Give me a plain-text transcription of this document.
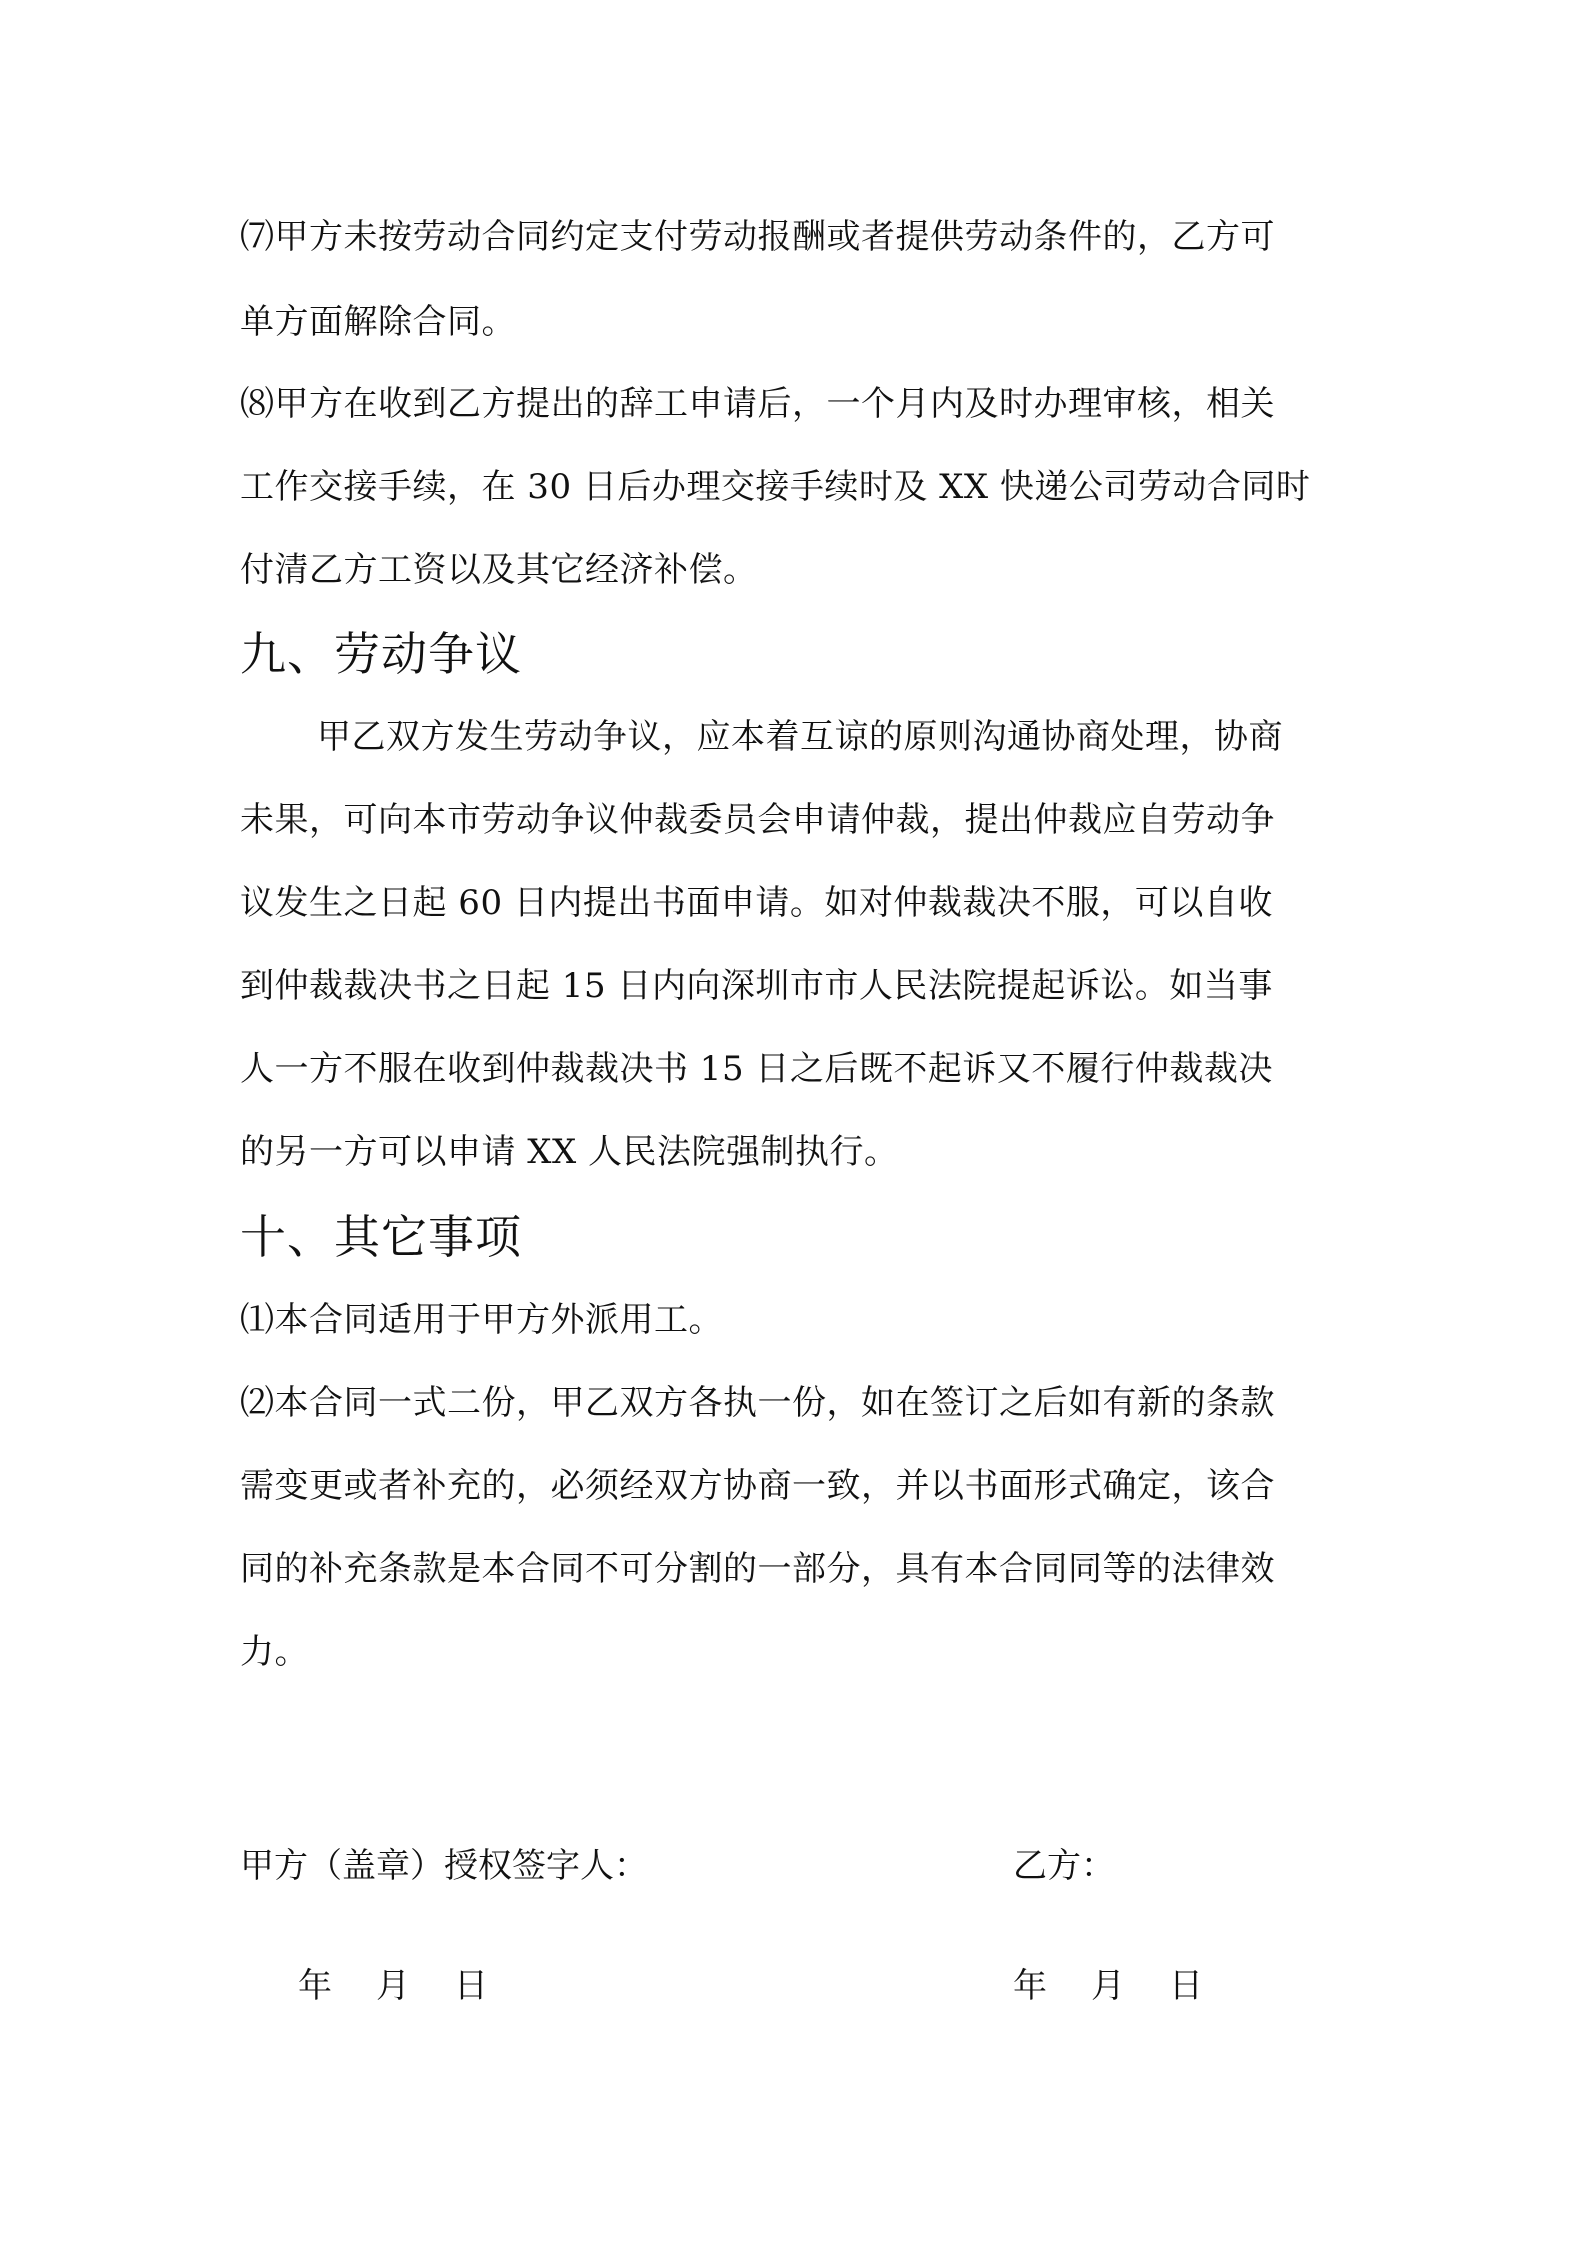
⑺甲方未按劳动合同约定支付劳动报酬或者提供劳动条件的，乙方可
单方面解除合同。
⑻甲方在收到乙方提出的辞工申请后，一个月内及时办理审核，相关
工作交接手续，在 30 日后办理交接手续时及 XX 快递公司劳动合同时
付清乙方工资以及其它经济补偿。
九、劳动争议
甲乙双方发生劳动争议，应本着互谅的原则沟通协商处理，协商
未果，可向本市劳动争议仲裁委员会申请仲裁，提出仲裁应自劳动争
议发生之日起 60 日内提出书面申请。如对仲裁裁决不服，可以自收
到仲裁裁决书之日起 15 日内向深圳市市人民法院提起诉讼。如当事
人一方不服在收到仲裁裁决书 15 日之后既不起诉又不履行仲裁裁决
的另一方可以申请 XX 人民法院强制执行。
十、其它事项
⑴本合同适用于甲方外派用工。
⑵本合同一式二份，甲乙双方各执一份，如在签订之后如有新的条款
需变更或者补充的，必须经双方协商一致，并以书面形式确定，该合
同的补充条款是本合同不可分割的一部分，具有本合同同等的法律效
力。
甲方（盖章）授权签字人：	乙方：
年 月 日	年 月 日
